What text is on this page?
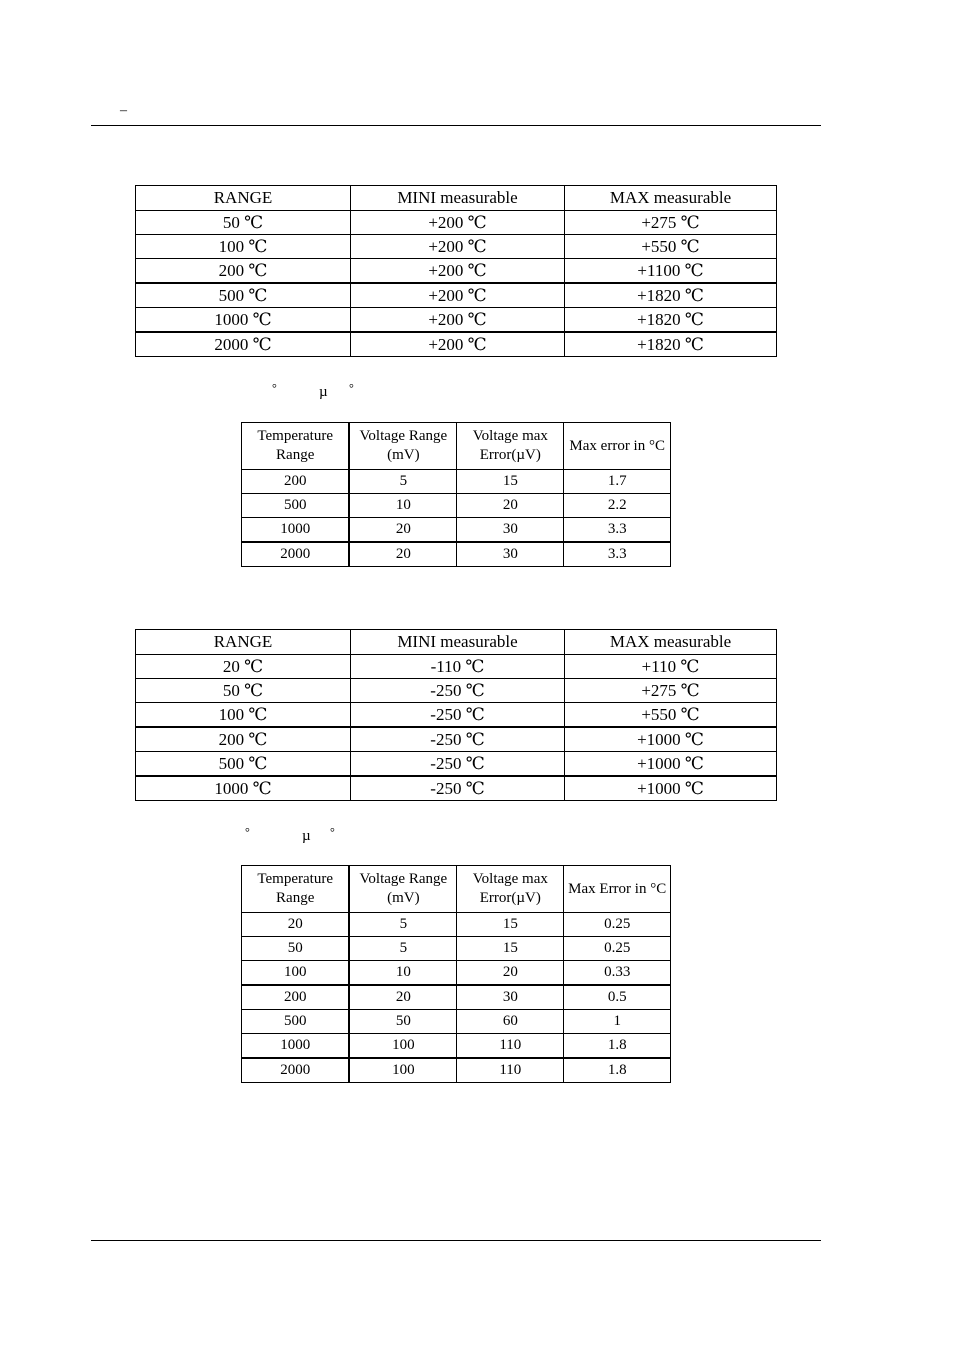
–
RANGE	MINI measurable	MAX measurable
50 ℃	+200 ℃	+275 ℃
100 ℃	+200 ℃	+550 ℃
200 ℃	+200 ℃	+1100 ℃
500 ℃	+200 ℃	+1820 ℃
1000 ℃	+200 ℃	+1820 ℃
2000 ℃	+200 ℃	+1820 ℃
°	µ °
Temperature Range	Voltage Range (mV)	Voltage max Error(µV)	Max error in °C
200	5	15	1.7
500	10	20	2.2
1000	20	30	3.3
2000	20	30	3.3
RANGE	MINI measurable	MAX measurable
20 ℃	-110 ℃	+110 ℃
50 ℃	-250 ℃	+275 ℃
100 ℃	-250 ℃	+550 ℃
200 ℃	-250 ℃	+1000 ℃
500 ℃	-250 ℃	+1000 ℃
1000 ℃	-250 ℃	+1000 ℃
°	µ °
Temperature Range	Voltage Range (mV)	Voltage max Error(µV)	Max Error in °C
20	5	15	0.25
50	5	15	0.25
100	10	20	0.33
200	20	30	0.5
500	50	60	1
1000	100	110	1.8
2000	100	110	1.8
